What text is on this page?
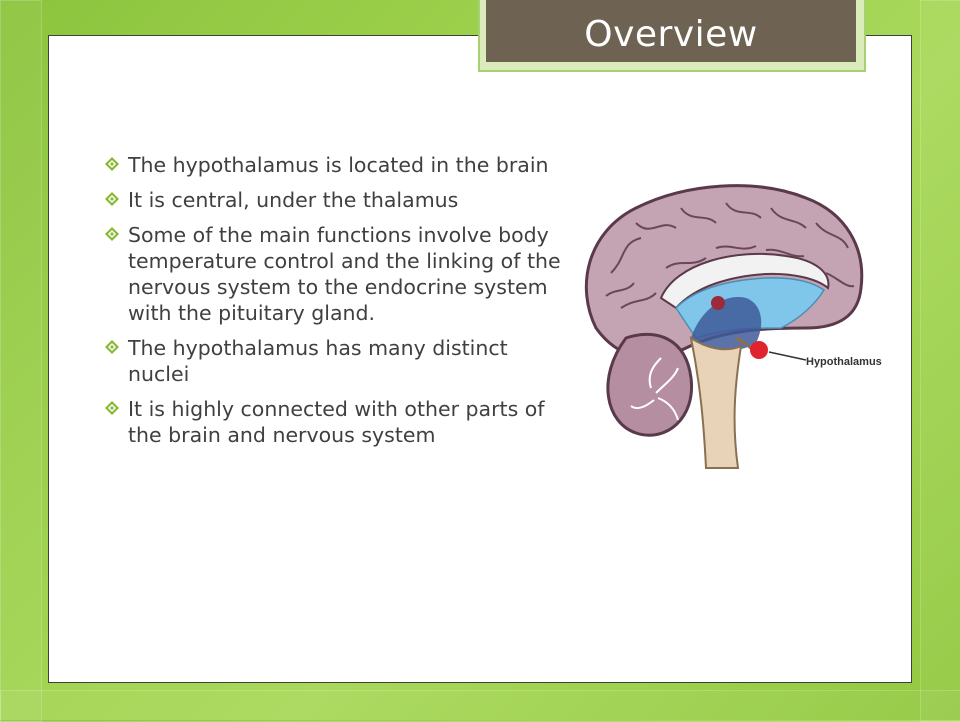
Overview
The hypothalamus is located in the brain
It is central, under the thalamus
Some of the main functions involve body temperature control and the linking of the nervous system to the endocrine system with the pituitary gland.
The hypothalamus has many distinct nuclei
It is highly connected with other parts of the brain and nervous system
Hypothalamus
